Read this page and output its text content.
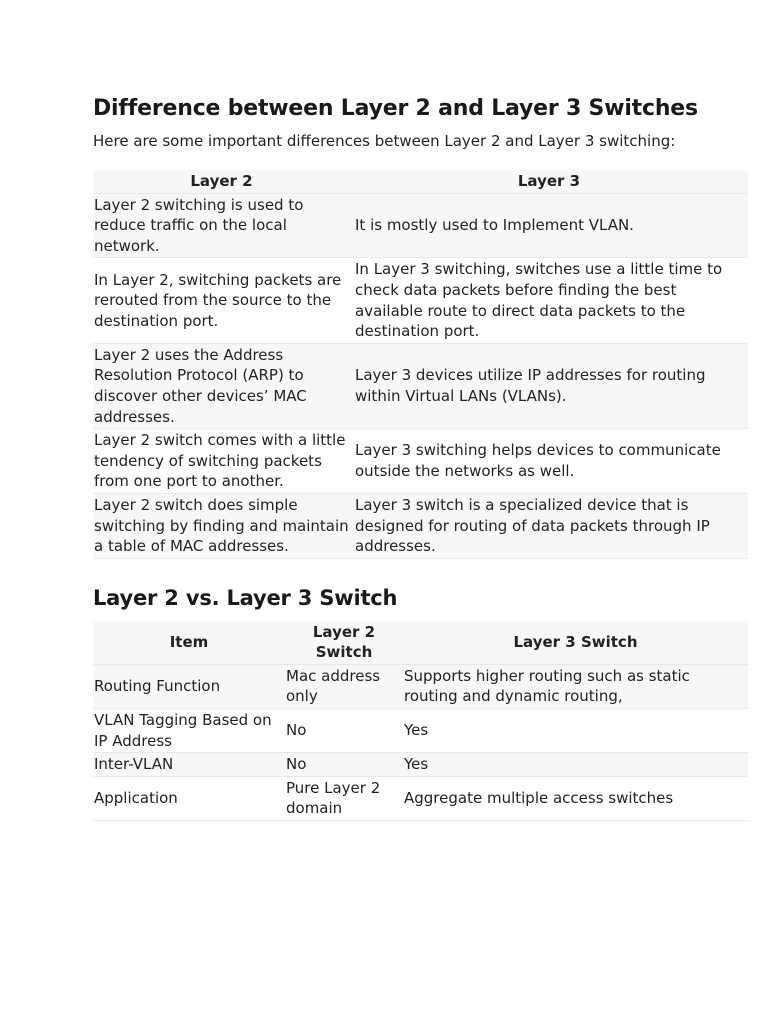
Difference between Layer 2 and Layer 3 Switches

Here are some important differences between Layer 2 and Layer 3 switching:

Layer 2	Layer 3
Layer 2 switching is used to reduce traffic on the local network.	It is mostly used to Implement VLAN.
In Layer 2, switching packets are rerouted from the source to the destination port.	In Layer 3 switching, switches use a little time to check data packets before finding the best available route to direct data packets to the destination port.
Layer 2 uses the Address Resolution Protocol (ARP) to discover other devices’ MAC addresses.	Layer 3 devices utilize IP addresses for routing within Virtual LANs (VLANs).
Layer 2 switch comes with a little tendency of switching packets from one port to another.	Layer 3 switching helps devices to communicate outside the networks as well.
Layer 2 switch does simple switching by finding and maintain a table of MAC addresses.	Layer 3 switch is a specialized device that is designed for routing of data packets through IP addresses.
Layer 2 vs. Layer 3 Switch
Item	Layer 2 Switch	Layer 3 Switch
Routing Function	Mac address only	Supports higher routing such as static routing and dynamic routing,
VLAN Tagging Based on IP Address	No	Yes
Inter-VLAN	No	Yes
Application	Pure Layer 2 domain	Aggregate multiple access switches
